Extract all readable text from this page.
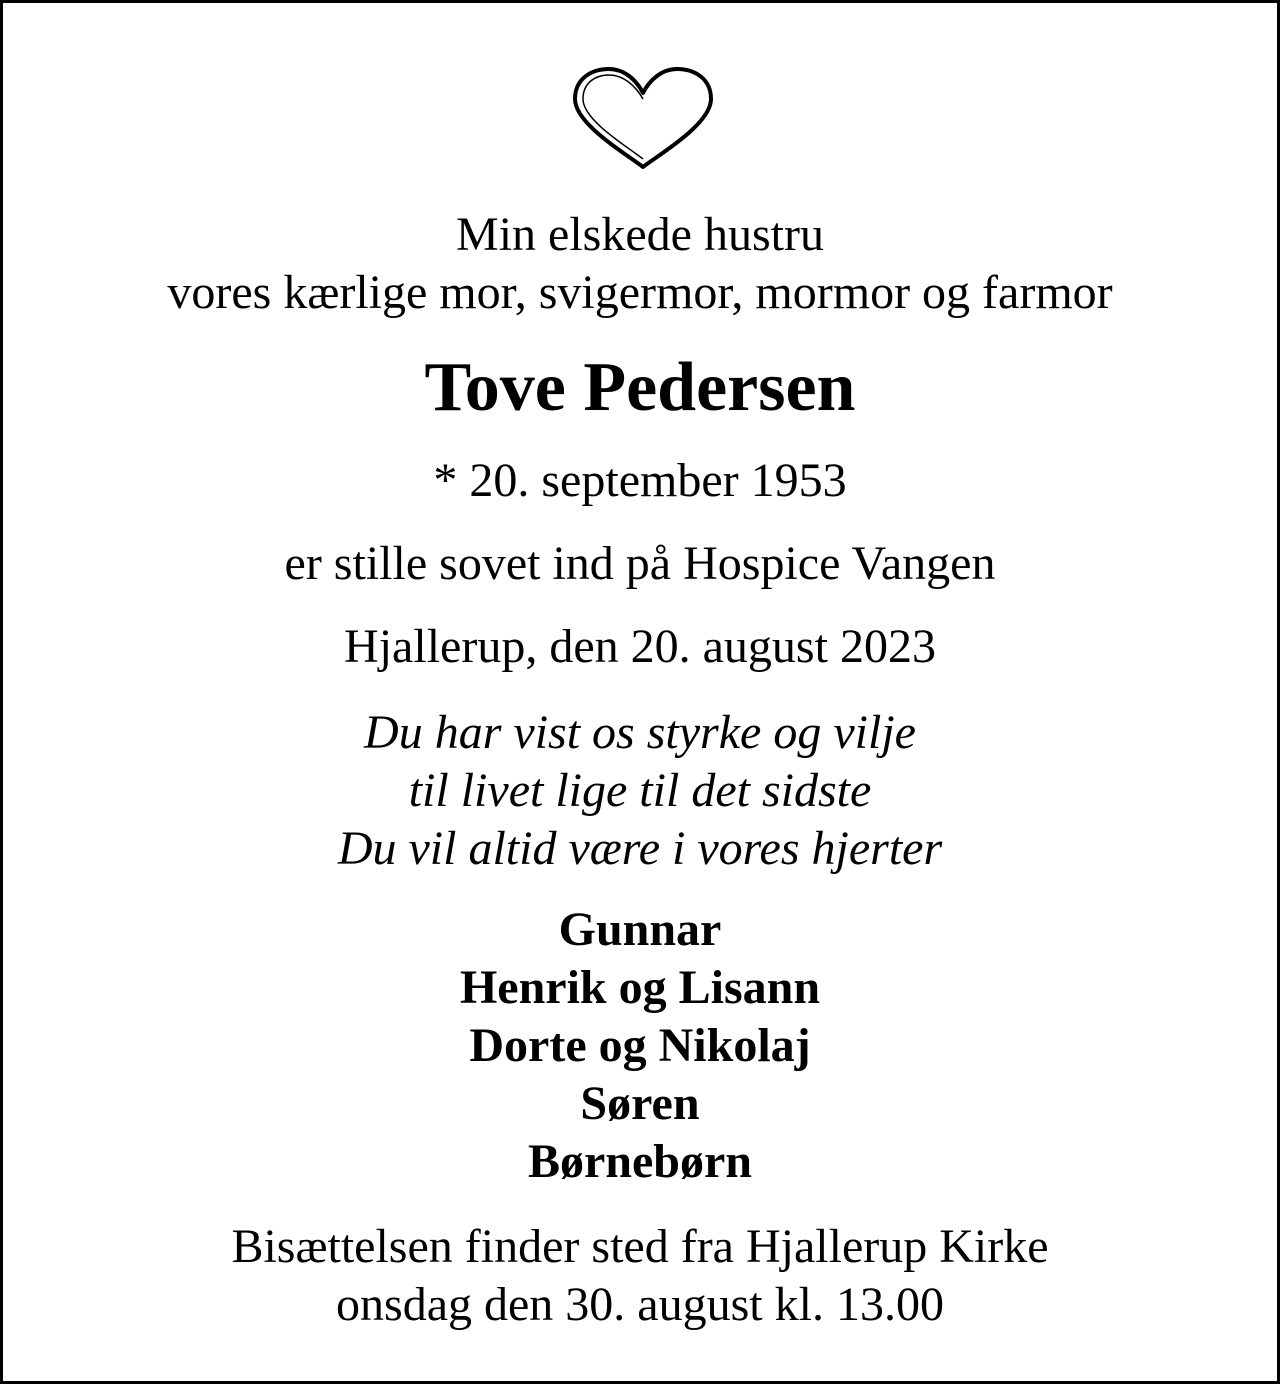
Min elskede hustru
vores kærlige mor, svigermor, mormor og farmor
Tove Pedersen
* 20. september 1953
er stille sovet ind på Hospice Vangen
Hjallerup, den 20. august 2023
Du har vist os styrke og vilje
til livet lige til det sidste
Du vil altid være i vores hjerter
Gunnar
Henrik og Lisann
Dorte og Nikolaj
Søren
Børnebørn
Bisættelsen finder sted fra Hjallerup Kirke
onsdag den 30. august kl. 13.00
